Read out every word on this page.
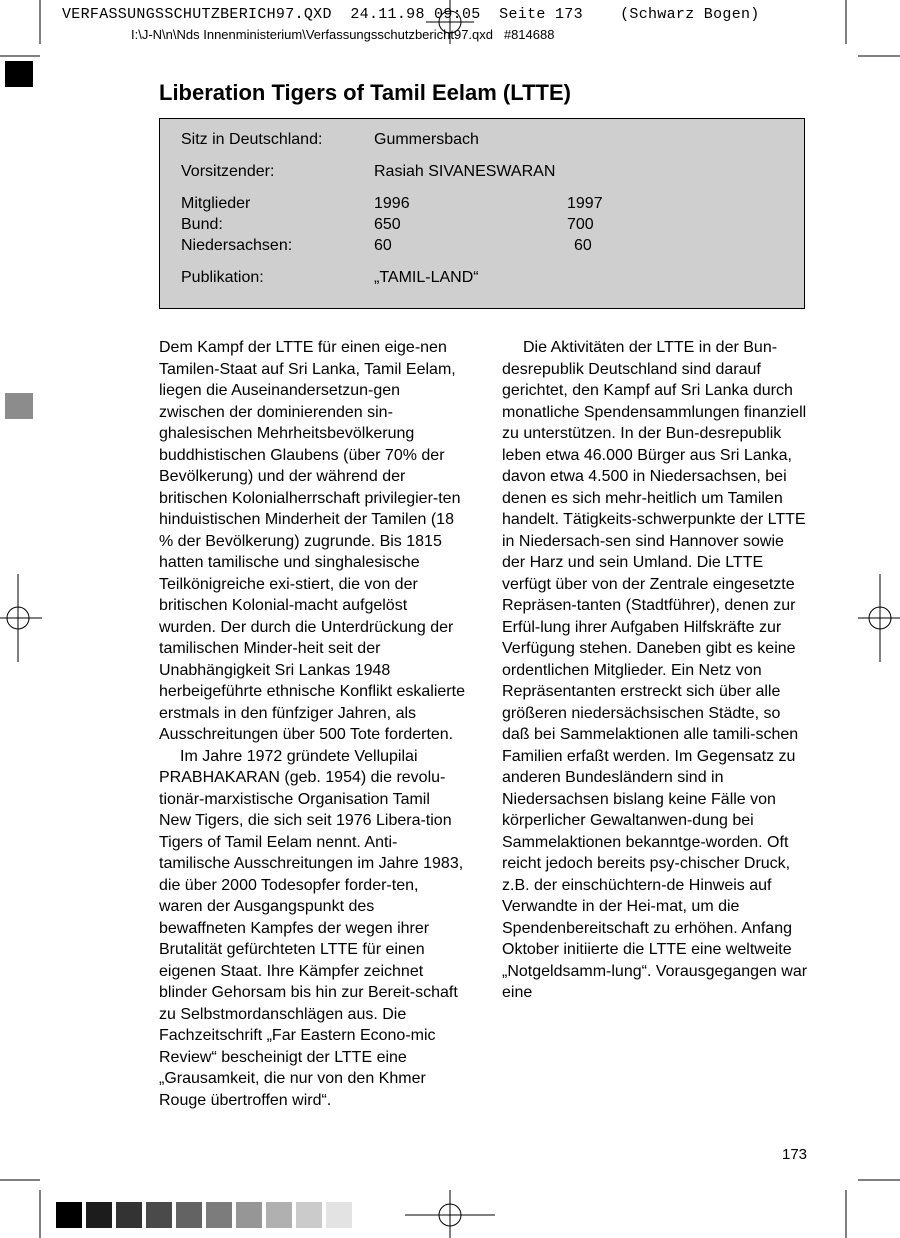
VERFASSUNGSSCHUTZBERICH97.QXD  24.11.98 09:05  Seite 173    (Schwarz Bogen)
I:\J-N\n\Nds Innenministerium\Verfassungsschutzbericht97.qxd   #814688
Liberation Tigers of Tamil Eelam (LTTE)
Sitz in Deutschland:	Gummersbach
Vorsitzender:	Rasiah SIVANESWARAN
Mitglieder	1996	1997
Bund:	650	700
Niedersachsen:	60	60
Publikation:	„TAMIL-LAND“

Dem Kampf der LTTE für einen eige-nen Tamilen-Staat auf Sri Lanka, Tamil Eelam, liegen die Auseinandersetzun-gen zwischen der dominierenden sin-ghalesischen Mehrheitsbevölkerung buddhistischen Glaubens (über 70% der Bevölkerung) und der während der britischen Kolonialherrschaft privilegier-ten hinduistischen Minderheit der Tamilen (18 % der Bevölkerung) zugrunde. Bis 1815 hatten tamilische und singhalesische Teilkönigreiche exi-stiert, die von der britischen Kolonial-macht aufgelöst wurden. Der durch die Unterdrückung der tamilischen Minder-heit seit der Unabhängigkeit Sri Lankas 1948 herbeigeführte ethnische Konflikt eskalierte erstmals in den fünfziger Jahren, als Ausschreitungen über 500 Tote forderten.

Im Jahre 1972 gründete Vellupilai PRABHAKARAN (geb. 1954) die revolu-tionär-marxistische Organisation Tamil New Tigers, die sich seit 1976 Libera-tion Tigers of Tamil Eelam nennt. Anti-tamilische Ausschreitungen im Jahre 1983, die über 2000 Todesopfer forder-ten, waren der Ausgangspunkt des bewaffneten Kampfes der wegen ihrer Brutalität gefürchteten LTTE für einen eigenen Staat. Ihre Kämpfer zeichnet blinder Gehorsam bis hin zur Bereit-schaft zu Selbstmordanschlägen aus. Die Fachzeitschrift „Far Eastern Econo-mic Review“ bescheinigt der LTTE eine „Grausamkeit, die nur von den Khmer Rouge übertroffen wird“.

Die Aktivitäten der LTTE in der Bun-desrepublik Deutschland sind darauf gerichtet, den Kampf auf Sri Lanka durch monatliche Spendensammlungen finanziell zu unterstützen. In der Bun-desrepublik leben etwa 46.000 Bürger aus Sri Lanka, davon etwa 4.500 in Niedersachsen, bei denen es sich mehr-heitlich um Tamilen handelt. Tätigkeits-schwerpunkte der LTTE in Niedersach-sen sind Hannover sowie der Harz und sein Umland. Die LTTE verfügt über von der Zentrale eingesetzte Repräsen-tanten (Stadtführer), denen zur Erfül-lung ihrer Aufgaben Hilfskräfte zur Verfügung stehen. Daneben gibt es keine ordentlichen Mitglieder. Ein Netz von Repräsentanten erstreckt sich über alle größeren niedersächsischen Städte, so daß bei Sammelaktionen alle tamili-schen Familien erfaßt werden. Im Gegensatz zu anderen Bundesländern sind in Niedersachsen bislang keine Fälle von körperlicher Gewaltanwen-dung bei Sammelaktionen bekanntge-worden. Oft reicht jedoch bereits psy-chischer Druck, z.B. der einschüchtern-de Hinweis auf Verwandte in der Hei-mat, um die Spendenbereitschaft zu erhöhen. Anfang Oktober initiierte die LTTE eine weltweite „Notgeldsamm-lung“. Vorausgegangen war eine

173
